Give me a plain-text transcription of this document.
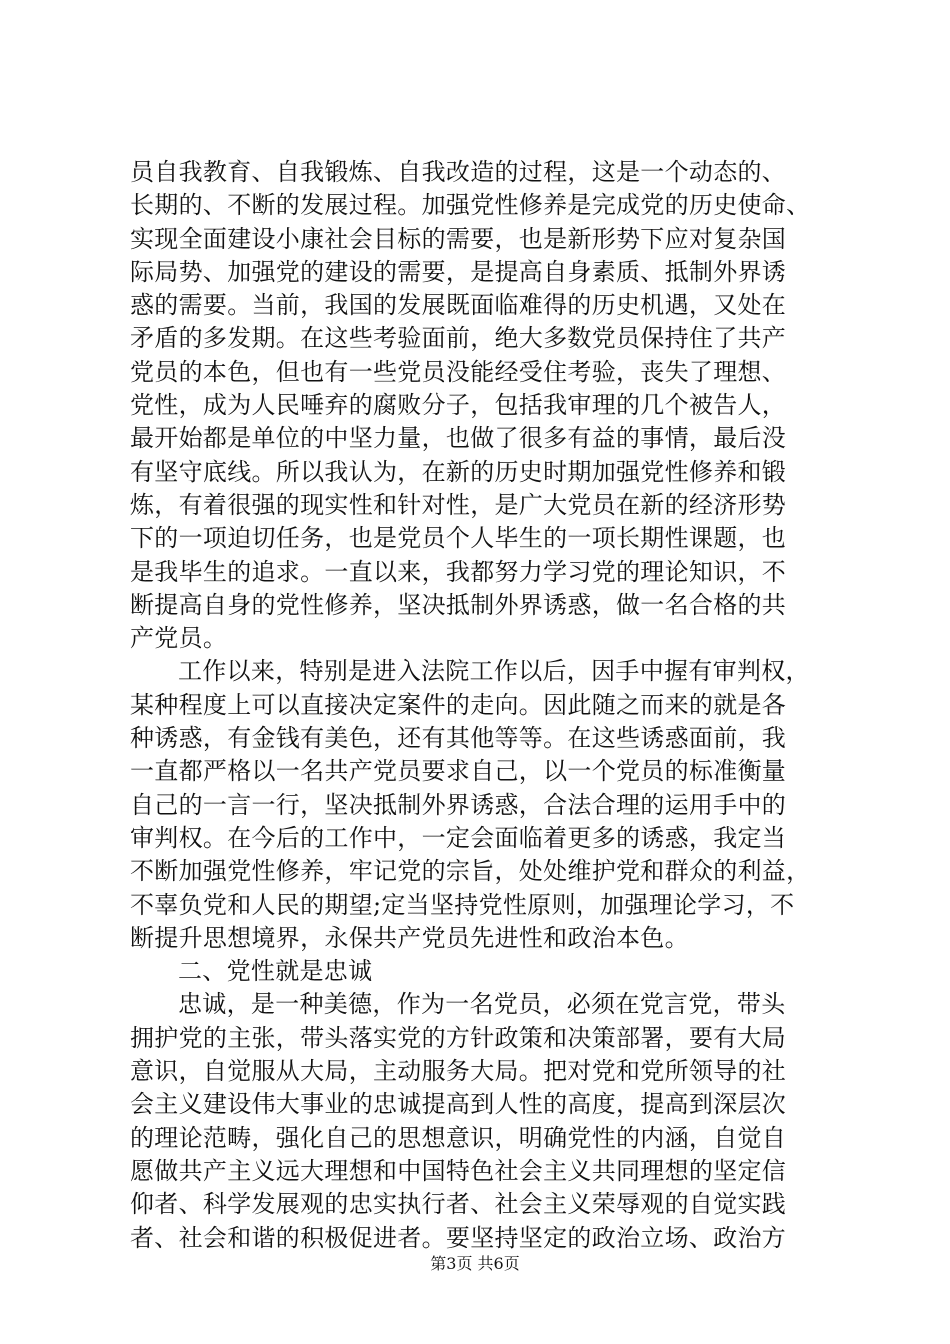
员自我教育、自我锻炼、自我改造的过程，这是一个动态的、
长期的、不断的发展过程。加强党性修养是完成党的历史使命、
实现全面建设小康社会目标的需要，也是新形势下应对复杂国
际局势、加强党的建设的需要，是提高自身素质、抵制外界诱
惑的需要。当前，我国的发展既面临难得的历史机遇，又处在
矛盾的多发期。在这些考验面前，绝大多数党员保持住了共产
党员的本色，但也有一些党员没能经受住考验，丧失了理想、
党性，成为人民唾弃的腐败分子，包括我审理的几个被告人，
最开始都是单位的中坚力量，也做了很多有益的事情，最后没
有坚守底线。所以我认为，在新的历史时期加强党性修养和锻
炼，有着很强的现实性和针对性，是广大党员在新的经济形势
下的一项迫切任务，也是党员个人毕生的一项长期性课题，也
是我毕生的追求。一直以来，我都努力学习党的理论知识，不
断提高自身的党性修养，坚决抵制外界诱惑，做一名合格的共
产党员。
工作以来，特别是进入法院工作以后，因手中握有审判权，
某种程度上可以直接决定案件的走向。因此随之而来的就是各
种诱惑，有金钱有美色，还有其他等等。在这些诱惑面前，我
一直都严格以一名共产党员要求自己，以一个党员的标准衡量
自己的一言一行，坚决抵制外界诱惑，合法合理的运用手中的
审判权。在今后的工作中，一定会面临着更多的诱惑，我定当
不断加强党性修养，牢记党的宗旨，处处维护党和群众的利益，
不辜负党和人民的期望;定当坚持党性原则，加强理论学习，不
断提升思想境界，永保共产党员先进性和政治本色。
二、党性就是忠诚
忠诚，是一种美德，作为一名党员，必须在党言党，带头
拥护党的主张，带头落实党的方针政策和决策部署，要有大局
意识，自觉服从大局，主动服务大局。把对党和党所领导的社
会主义建设伟大事业的忠诚提高到人性的高度，提高到深层次
的理论范畴，强化自己的思想意识，明确党性的内涵，自觉自
愿做共产主义远大理想和中国特色社会主义共同理想的坚定信
仰者、科学发展观的忠实执行者、社会主义荣辱观的自觉实践
者、社会和谐的积极促进者。要坚持坚定的政治立场、政治方
第3页 共6页
